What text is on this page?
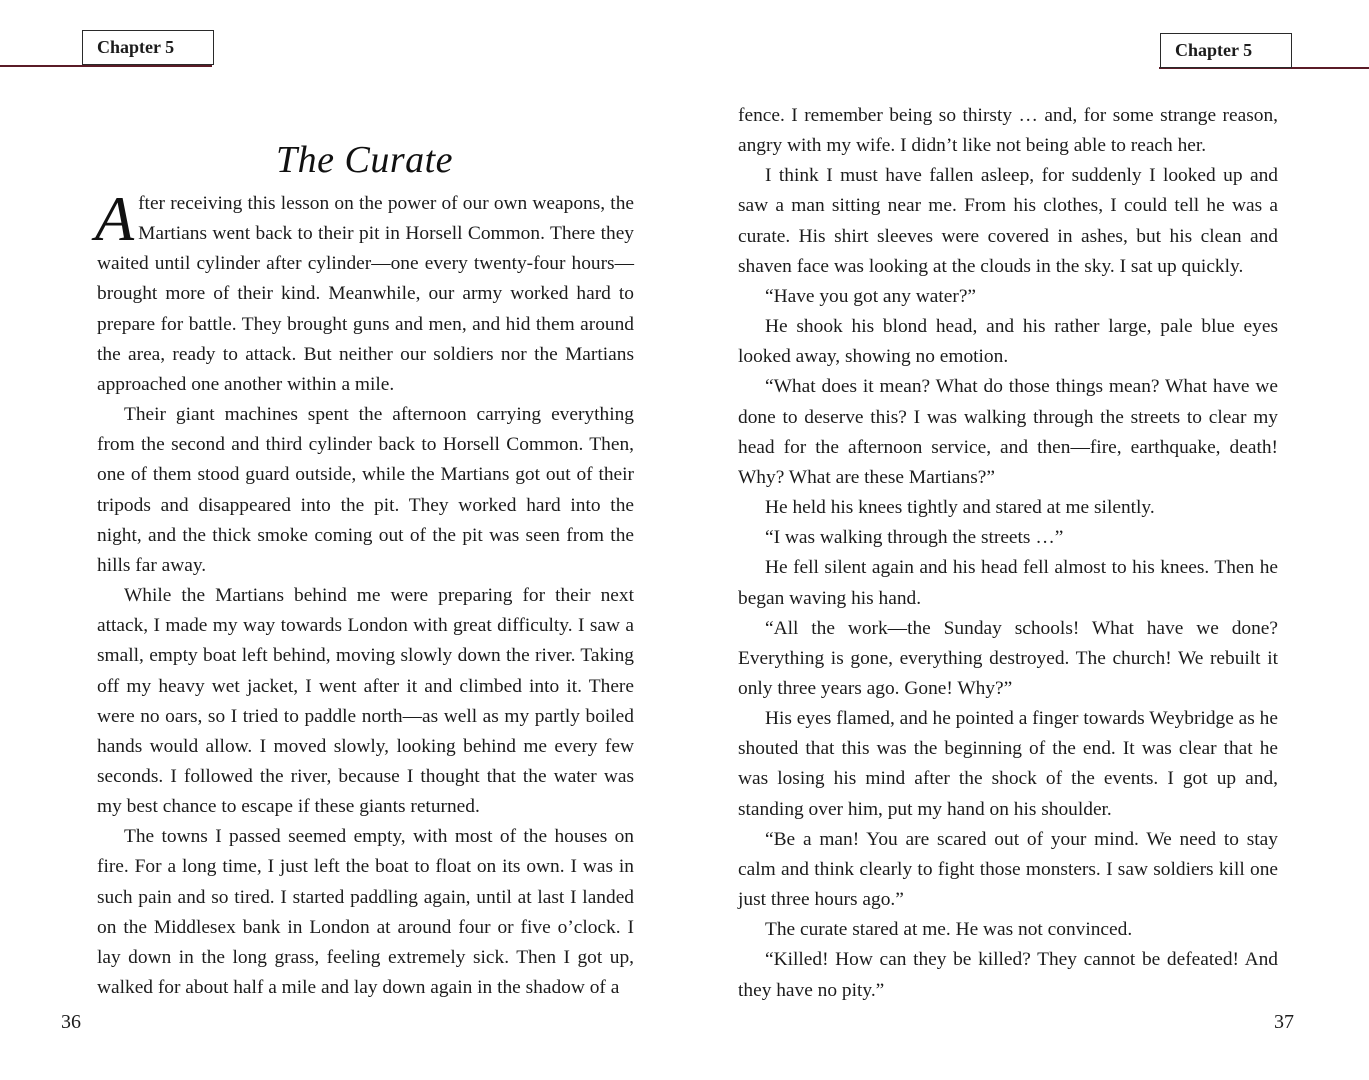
Chapter 5
The Curate

After receiving this lesson on the power of our own weapons, the Martians went back to their pit in Horsell Common. There they waited until cylinder after cylinder—one every twenty-four hours—brought more of their kind. Meanwhile, our army worked hard to prepare for battle. They brought guns and men, and hid them around the area, ready to attack. But neither our soldiers nor the Martians approached one another within a mile.

Their giant machines spent the afternoon carrying everything from the second and third cylinder back to Horsell Common. Then, one of them stood guard outside, while the Martians got out of their tripods and disappeared into the pit. They worked hard into the night, and the thick smoke coming out of the pit was seen from the hills far away.

While the Martians behind me were preparing for their next attack, I made my way towards London with great difficulty. I saw a small, empty boat left behind, moving slowly down the river. Taking off my heavy wet jacket, I went after it and climbed into it. There were no oars, so I tried to paddle north—as well as my partly boiled hands would allow. I moved slowly, looking behind me every few seconds. I followed the river, because I thought that the water was my best chance to escape if these giants returned.

The towns I passed seemed empty, with most of the houses on fire. For a long time, I just left the boat to float on its own. I was in such pain and so tired. I started paddling again, until at last I landed on the Middlesex bank in London at around four or five o’clock. I lay down in the long grass, feeling extremely sick. Then I got up, walked for about half a mile and lay down again in the shadow of a

36
Chapter 5

fence. I remember being so thirsty … and, for some strange reason, angry with my wife. I didn’t like not being able to reach her.

I think I must have fallen asleep, for suddenly I looked up and saw a man sitting near me. From his clothes, I could tell he was a curate. His shirt sleeves were covered in ashes, but his clean and shaven face was looking at the clouds in the sky. I sat up quickly.

“Have you got any water?”

He shook his blond head, and his rather large, pale blue eyes looked away, showing no emotion.

“What does it mean? What do those things mean? What have we done to deserve this? I was walking through the streets to clear my head for the afternoon service, and then—fire, earthquake, death! Why? What are these Martians?”

He held his knees tightly and stared at me silently.

“I was walking through the streets …”

He fell silent again and his head fell almost to his knees. Then he began waving his hand.

“All the work—the Sunday schools! What have we done? Everything is gone, everything destroyed. The church! We rebuilt it only three years ago. Gone! Why?”

His eyes flamed, and he pointed a finger towards Weybridge as he shouted that this was the beginning of the end. It was clear that he was losing his mind after the shock of the events. I got up and, standing over him, put my hand on his shoulder.

“Be a man! You are scared out of your mind. We need to stay calm and think clearly to fight those monsters. I saw soldiers kill one just three hours ago.”

The curate stared at me. He was not convinced.

“Killed! How can they be killed? They cannot be defeated! And they have no pity.”

37
